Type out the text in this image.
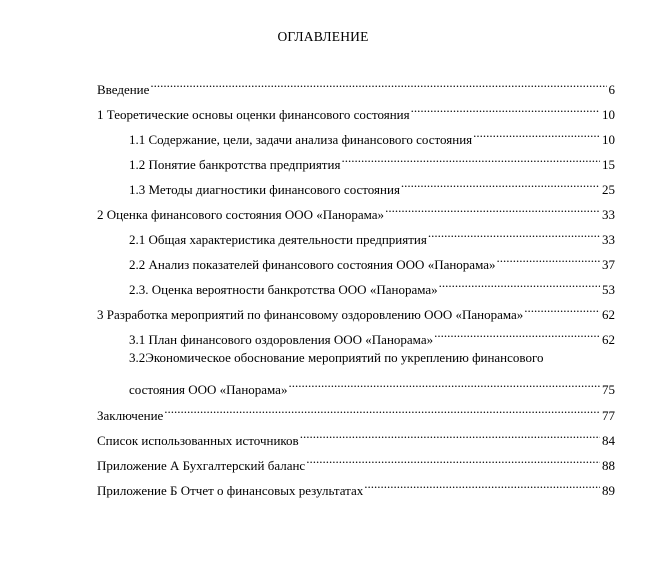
ОГЛАВЛЕНИЕ
Введение .....	6
1 Теоретические основы оценки финансового состояния .....	10
1.1 Содержание, цели, задачи анализа финансового состояния .....	10
1.2 Понятие банкротства предприятия .....	15
1.3 Методы диагностики финансового состояния .....	25
2 Оценка финансового состояния ООО «Панорама» .....	33
2.1 Общая характеристика деятельности предприятия .....	33
2.2 Анализ показателей финансового состояния ООО «Панорама» .....	37
2.3. Оценка вероятности банкротства ООО «Панорама» .....	53
3 Разработка мероприятий по финансовому оздоровлению ООО «Панорама» .....	62
3.1 План финансового оздоровления ООО «Панорама» .....	62
3.2Экономическое обоснование мероприятий по укреплению финансового
состояния ООО «Панорама» .....	75
Заключение .....	77
Список использованных источников .....	84
Приложение А Бухгалтерский баланс .....	88
Приложение Б Отчет о финансовых результатах .....	89
